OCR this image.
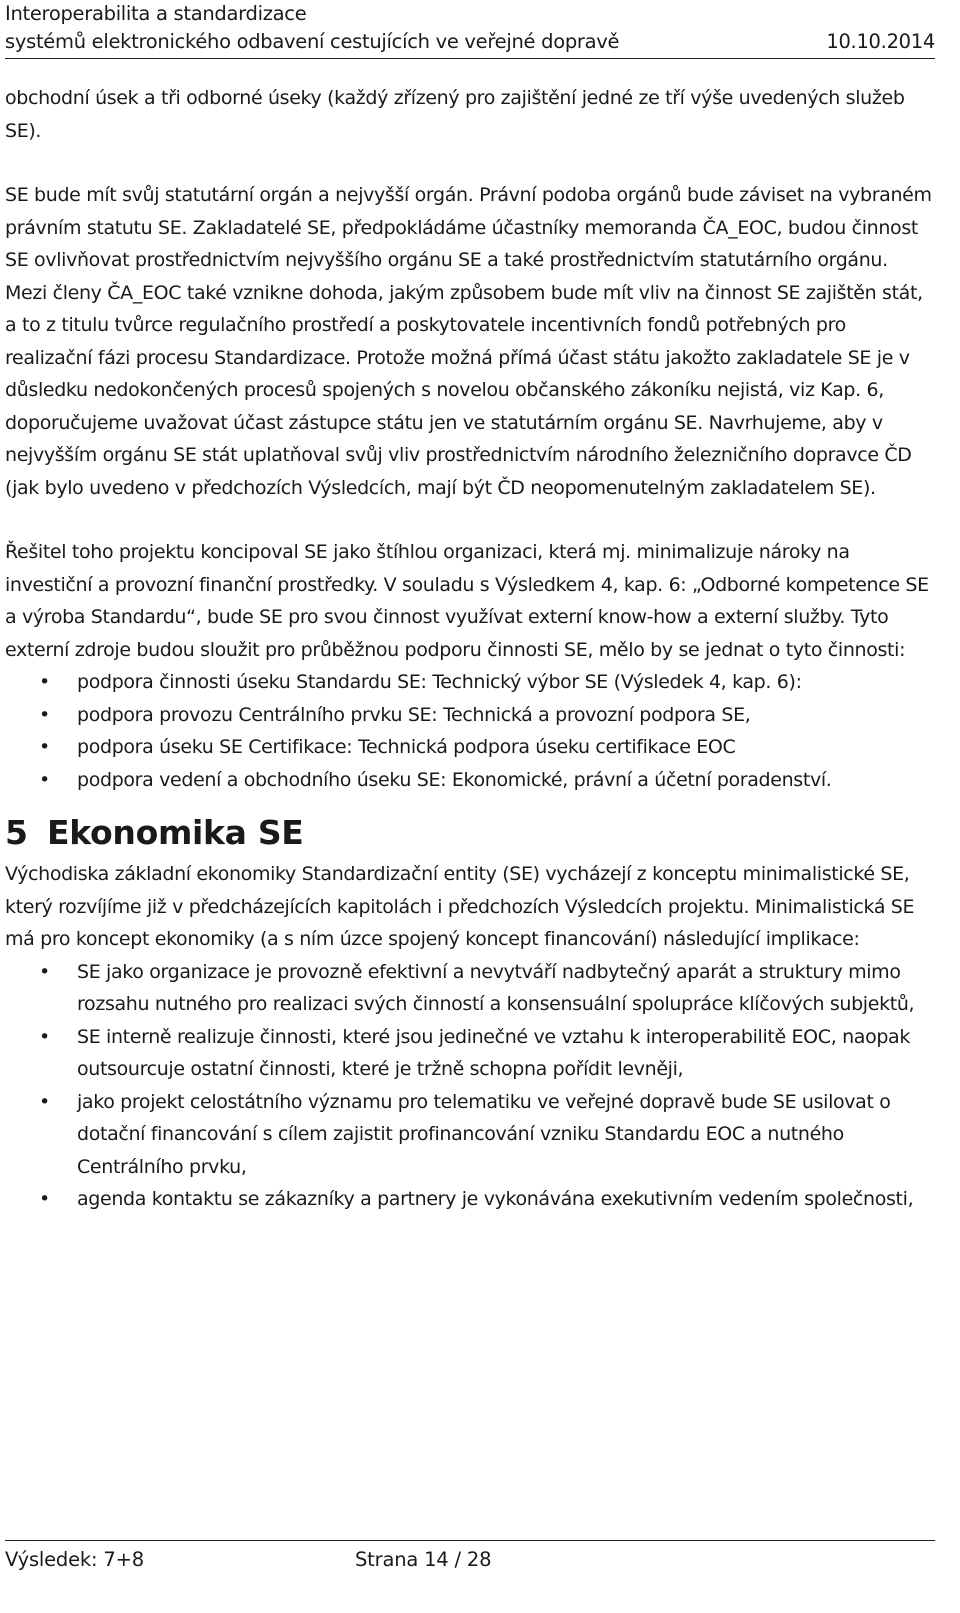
Interoperabilita a standardizace
systémů elektronického odbavení cestujících ve veřejné dopravě	10.10.2014

obchodní úsek a tři odborné úseky (každý zřízený pro zajištění jedné ze tří výše uvedených služeb SE).

SE bude mít svůj statutární orgán a nejvyšší orgán. Právní podoba orgánů bude záviset na vybraném právním statutu SE. Zakladatelé SE, předpokládáme účastníky memoranda ČA_EOC, budou činnost SE ovlivňovat prostřednictvím nejvyššího orgánu SE a také prostřednictvím statutárního orgánu. Mezi členy ČA_EOC také vznikne dohoda, jakým způsobem bude mít vliv na činnost SE zajištěn stát, a to z titulu tvůrce regulačního prostředí a poskytovatele incentivních fondů potřebných pro realizační fázi procesu Standardizace. Protože možná přímá účast státu jakožto zakladatele SE je v důsledku nedokončených procesů spojených s novelou občanského zákoníku nejistá, viz Kap. 6, doporučujeme uvažovat účast zástupce státu jen ve statutárním orgánu SE. Navrhujeme, aby v nejvyšším orgánu SE stát uplatňoval svůj vliv prostřednictvím národního železničního dopravce ČD (jak bylo uvedeno v předchozích Výsledcích, mají být ČD neopomenutelným zakladatelem SE).

Řešitel toho projektu koncipoval SE jako štíhlou organizaci, která mj. minimalizuje nároky na investiční a provozní finanční prostředky. V souladu s Výsledkem 4, kap. 6: „Odborné kompetence SE a výroba Standardu“, bude SE pro svou činnost využívat externí know-how a externí služby. Tyto externí zdroje budou sloužit pro průběžnou podporu činnosti SE, mělo by se jednat o tyto činnosti:

• podpora činnosti úseku Standardu SE: Technický výbor SE (Výsledek 4, kap. 6):
• podpora provozu Centrálního prvku SE: Technická a provozní podpora SE,
• podpora úseku SE Certifikace: Technická podpora úseku certifikace EOC
• podpora vedení a obchodního úseku SE: Ekonomické, právní a účetní poradenství.
5 Ekonomika SE

Východiska základní ekonomiky Standardizační entity (SE) vycházejí z konceptu minimalistické SE, který rozvíjíme již v předcházejících kapitolách i předchozích Výsledcích projektu. Minimalistická SE má pro koncept ekonomiky (a s ním úzce spojený koncept financování) následující implikace:

• SE jako organizace je provozně efektivní a nevytváří nadbytečný aparát a struktury mimo rozsahu nutného pro realizaci svých činností a konsensuální spolupráce klíčových subjektů,
• SE interně realizuje činnosti, které jsou jedinečné ve vztahu k interoperabilitě EOC, naopak outsourcuje ostatní činnosti, které je tržně schopna pořídit levněji,
• jako projekt celostátního významu pro telematiku ve veřejné dopravě bude SE usilovat o dotační financování s cílem zajistit profinancování vzniku Standardu EOC a nutného Centrálního prvku,
• agenda kontaktu se zákazníky a partnery je vykonávána exekutivním vedením společnosti,
Výsledek: 7+8	Strana 14 / 28
